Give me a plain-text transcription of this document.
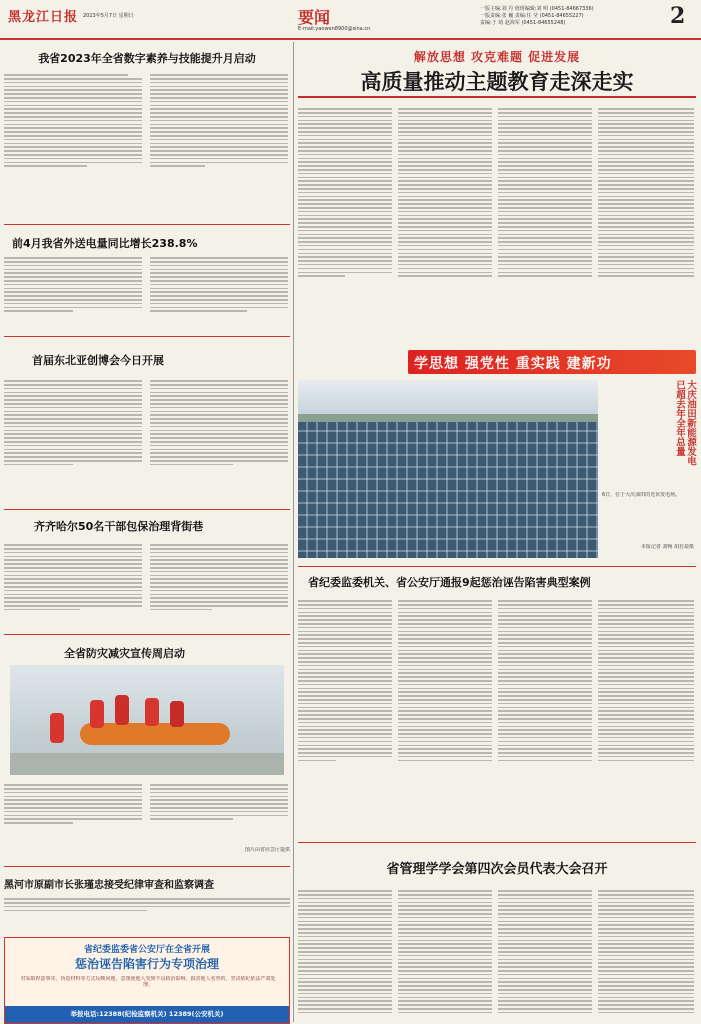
黑龙江日报 2023年5月7日 星期日	要闻
E-mail:yaowen8900@sina.cn
一版主编:刘 丹 值班编辑:刘 明 (0451-84667336)
一版责编:张 巍 责编:任 莹 (0451-84655227)
责编:于 琦 赵海军 (0451-84655248)	2
我省2023年全省数字素养与技能提升月启动
前4月我省外送电量同比增长238.8%
首届东北亚创博会今日开展
齐齐哈尔50名干部包保治理背街巷
全省防灾减灾宣传周启动
图片由省应急厅提供
黑河市原副市长张瑾忠接受纪律审查和监察调查
省纪委监委省公安厅在全省开展
惩治诬告陷害行为专项治理
对采取捏造事实、伪造材料等方式反映问题，意图使他人受到不良政治影响，损害他人名誉的，坚决依纪依法严肃处理。
举报电话:12388(纪检监察机关) 12389(公安机关)
解放思想 攻克难题 促进发展
高质量推动主题教育走深走实
学思想 强党性 重实践 建新功
大庆油田新能源发电已超去年全年总量
6日，位于大庆油田的光伏发电场。
本报记者 刘畅 胡若盈摄
省纪委监委机关、省公安厅通报9起惩治诬告陷害典型案例
省管理学学会第四次会员代表大会召开
